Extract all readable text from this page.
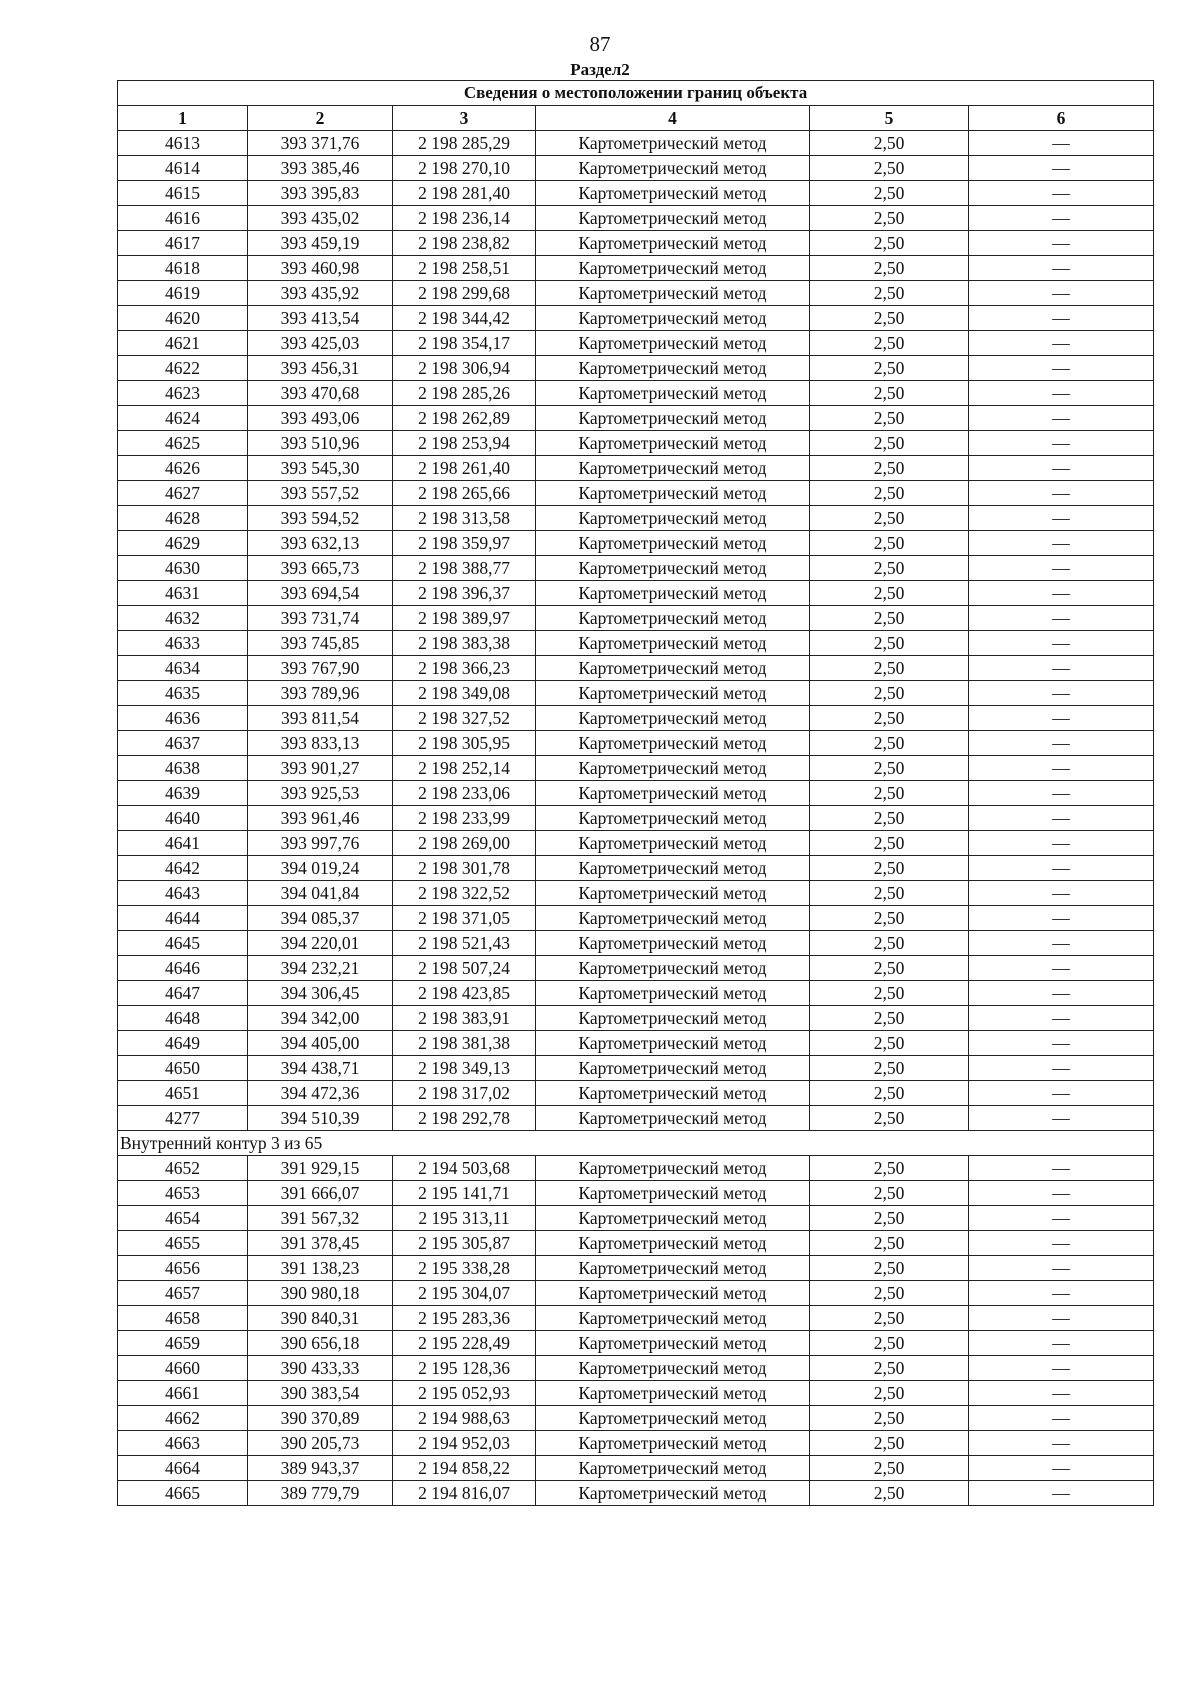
87
Раздел2
Сведения о местоположении границ объекта					
1	2	3	4	5	6
4613	393 371,76	2 198 285,29	Картометрический метод	2,50	—
4614	393 385,46	2 198 270,10	Картометрический метод	2,50	—
4615	393 395,83	2 198 281,40	Картометрический метод	2,50	—
4616	393 435,02	2 198 236,14	Картометрический метод	2,50	—
4617	393 459,19	2 198 238,82	Картометрический метод	2,50	—
4618	393 460,98	2 198 258,51	Картометрический метод	2,50	—
4619	393 435,92	2 198 299,68	Картометрический метод	2,50	—
4620	393 413,54	2 198 344,42	Картометрический метод	2,50	—
4621	393 425,03	2 198 354,17	Картометрический метод	2,50	—
4622	393 456,31	2 198 306,94	Картометрический метод	2,50	—
4623	393 470,68	2 198 285,26	Картометрический метод	2,50	—
4624	393 493,06	2 198 262,89	Картометрический метод	2,50	—
4625	393 510,96	2 198 253,94	Картометрический метод	2,50	—
4626	393 545,30	2 198 261,40	Картометрический метод	2,50	—
4627	393 557,52	2 198 265,66	Картометрический метод	2,50	—
4628	393 594,52	2 198 313,58	Картометрический метод	2,50	—
4629	393 632,13	2 198 359,97	Картометрический метод	2,50	—
4630	393 665,73	2 198 388,77	Картометрический метод	2,50	—
4631	393 694,54	2 198 396,37	Картометрический метод	2,50	—
4632	393 731,74	2 198 389,97	Картометрический метод	2,50	—
4633	393 745,85	2 198 383,38	Картометрический метод	2,50	—
4634	393 767,90	2 198 366,23	Картометрический метод	2,50	—
4635	393 789,96	2 198 349,08	Картометрический метод	2,50	—
4636	393 811,54	2 198 327,52	Картометрический метод	2,50	—
4637	393 833,13	2 198 305,95	Картометрический метод	2,50	—
4638	393 901,27	2 198 252,14	Картометрический метод	2,50	—
4639	393 925,53	2 198 233,06	Картометрический метод	2,50	—
4640	393 961,46	2 198 233,99	Картометрический метод	2,50	—
4641	393 997,76	2 198 269,00	Картометрический метод	2,50	—
4642	394 019,24	2 198 301,78	Картометрический метод	2,50	—
4643	394 041,84	2 198 322,52	Картометрический метод	2,50	—
4644	394 085,37	2 198 371,05	Картометрический метод	2,50	—
4645	394 220,01	2 198 521,43	Картометрический метод	2,50	—
4646	394 232,21	2 198 507,24	Картометрический метод	2,50	—
4647	394 306,45	2 198 423,85	Картометрический метод	2,50	—
4648	394 342,00	2 198 383,91	Картометрический метод	2,50	—
4649	394 405,00	2 198 381,38	Картометрический метод	2,50	—
4650	394 438,71	2 198 349,13	Картометрический метод	2,50	—
4651	394 472,36	2 198 317,02	Картометрический метод	2,50	—
4277	394 510,39	2 198 292,78	Картометрический метод	2,50	—
Внутренний контур 3 из 65					
4652	391 929,15	2 194 503,68	Картометрический метод	2,50	—
4653	391 666,07	2 195 141,71	Картометрический метод	2,50	—
4654	391 567,32	2 195 313,11	Картометрический метод	2,50	—
4655	391 378,45	2 195 305,87	Картометрический метод	2,50	—
4656	391 138,23	2 195 338,28	Картометрический метод	2,50	—
4657	390 980,18	2 195 304,07	Картометрический метод	2,50	—
4658	390 840,31	2 195 283,36	Картометрический метод	2,50	—
4659	390 656,18	2 195 228,49	Картометрический метод	2,50	—
4660	390 433,33	2 195 128,36	Картометрический метод	2,50	—
4661	390 383,54	2 195 052,93	Картометрический метод	2,50	—
4662	390 370,89	2 194 988,63	Картометрический метод	2,50	—
4663	390 205,73	2 194 952,03	Картометрический метод	2,50	—
4664	389 943,37	2 194 858,22	Картометрический метод	2,50	—
4665	389 779,79	2 194 816,07	Картометрический метод	2,50	—
